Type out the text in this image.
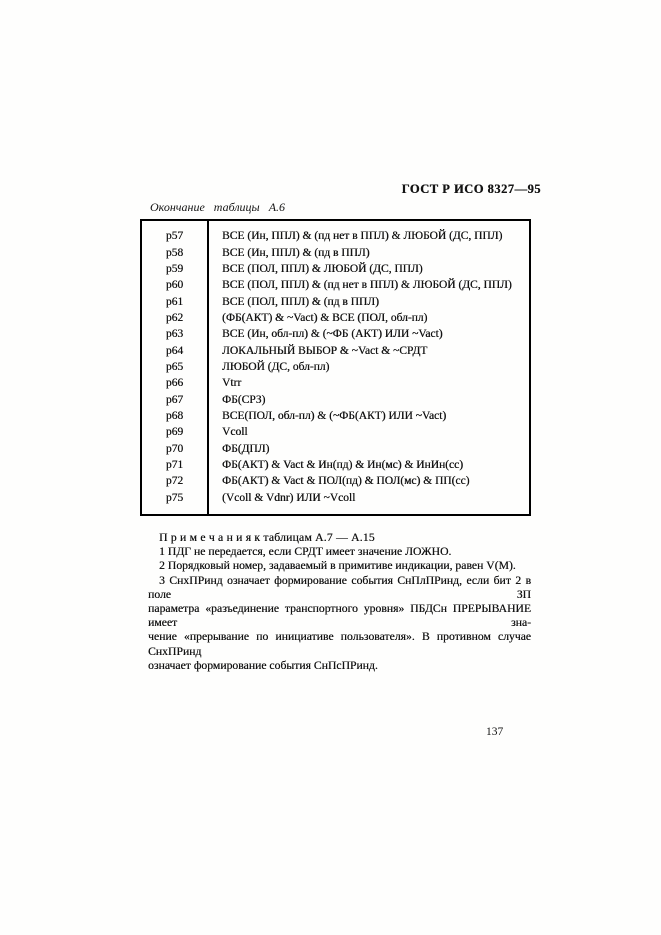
ГОСТ Р ИСО 8327—95
Окончание таблицы А.6
p57	ВСЕ (Ин, ППЛ) & (пд нет в ППЛ) & ЛЮБОЙ (ДС, ППЛ)
p58	ВСЕ (Ин, ППЛ) & (пд в ППЛ)
p59	ВСЕ (ПОЛ, ППЛ) & ЛЮБОЙ (ДС, ППЛ)
p60	ВСЕ (ПОЛ, ППЛ) & (пд нет в ППЛ) & ЛЮБОЙ (ДС, ППЛ)
p61	ВСЕ (ПОЛ, ППЛ) & (пд в ППЛ)
p62	(ФБ(АКТ) & ~Vact) & ВСЕ (ПОЛ, обл-пл)
p63	ВСЕ (Ин, обл-пл) & (~ФБ (АКТ) ИЛИ ~Vact)
p64	ЛОКАЛЬНЫЙ ВЫБОР & ~Vact & ~СРДТ
p65	ЛЮБОЙ (ДС, обл-пл)
p66	Vtrr
p67	ФБ(СРЗ)
p68	ВСЕ(ПОЛ, обл-пл) & (~ФБ(АКТ) ИЛИ ~Vact)
p69	Vcoll
p70	ФБ(ДПЛ)
p71	ФБ(АКТ) & Vact & Ин(пд) & Ин(мс) & ИнИн(сс)
p72	ФБ(АКТ) & Vact & ПОЛ(пд) & ПОЛ(мс) & ПП(сс)
p75	(Vcoll & Vdnr) ИЛИ ~Vcoll
П р и м е ч а н и я к таблицам А.7 — А.15
1 ПДГ не передается, если СРДТ имеет значение ЛОЖНО.
2 Порядковый номер, задаваемый в примитиве индикации, равен V(M).
3 СнхПРинд означает формирование события СнПлПРинд, если бит 2 в поле ЗП
параметра «разъединение транспортного уровня» ПБДСн ПРЕРЫВАНИЕ имеет зна-
чение «прерывание по инициативе пользователя». В противном случае СнхПРинд
означает формирование события СнПсПРинд.
137
